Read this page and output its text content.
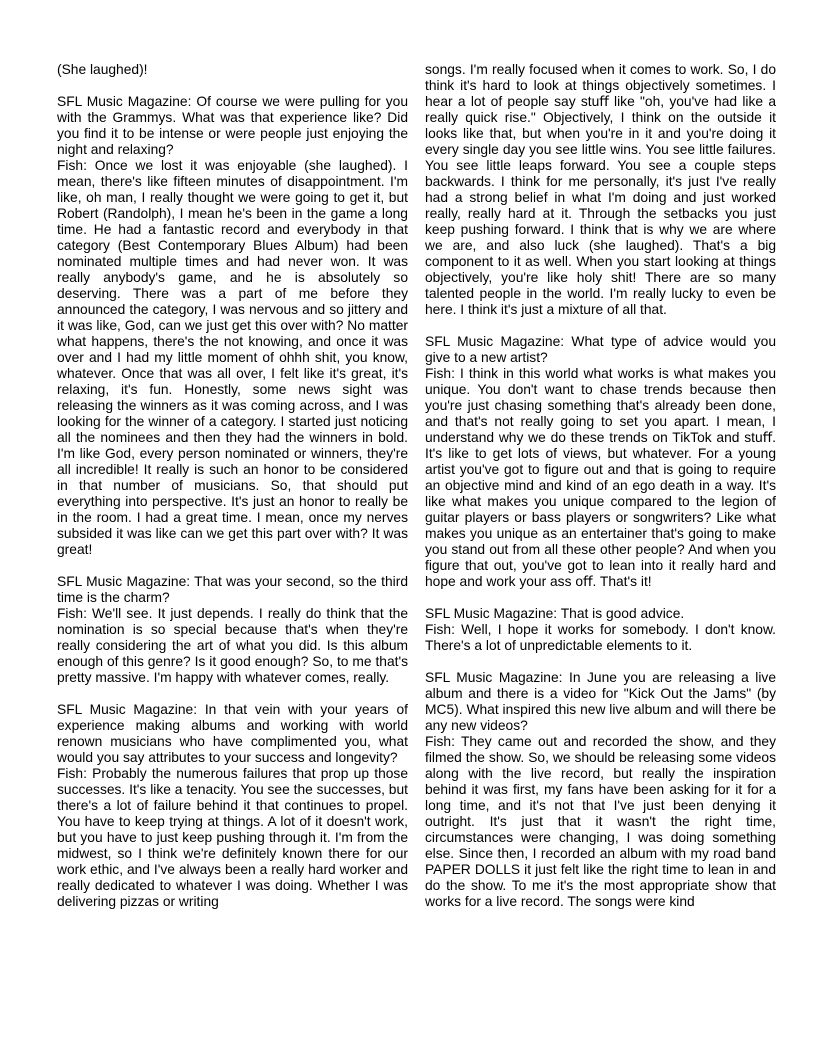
(She laughed)!

SFL Music Magazine: Of course we were pulling for you with the Grammys. What was that experience like? Did you find it to be intense or were people just enjoying the night and relaxing?

Fish: Once we lost it was enjoyable (she laughed). I mean, there's like fifteen minutes of disappointment. I'm like, oh man, I really thought we were going to get it, but Robert (Randolph), I mean he's been in the game a long time. He had a fantastic record and everybody in that category (Best Contemporary Blues Album) had been nominated multiple times and had never won. It was really anybody's game, and he is absolutely so deserving. There was a part of me before they announced the category, I was nervous and so jittery and it was like, God, can we just get this over with? No matter what happens, there's the not knowing, and once it was over and I had my little moment of ohhh shit, you know, whatever. Once that was all over, I felt like it's great, it's relaxing, it's fun. Honestly, some news sight was releasing the winners as it was coming across, and I was looking for the winner of a category. I started just noticing all the nominees and then they had the winners in bold. I'm like God, every person nominated or winners, they're all incredible! It really is such an honor to be considered in that number of musicians. So, that should put everything into perspective. It's just an honor to really be in the room. I had a great time. I mean, once my nerves subsided it was like can we get this part over with? It was great!

SFL Music Magazine: That was your second, so the third time is the charm?

Fish: We'll see. It just depends. I really do think that the nomination is so special because that's when they're really considering the art of what you did. Is this album enough of this genre? Is it good enough? So, to me that's pretty massive. I'm happy with whatever comes, really.

SFL Music Magazine: In that vein with your years of experience making albums and working with world renown musicians who have complimented you, what would you say attributes to your success and longevity?

Fish: Probably the numerous failures that prop up those successes. It's like a tenacity. You see the successes, but there's a lot of failure behind it that continues to propel. You have to keep trying at things. A lot of it doesn't work, but you have to just keep pushing through it. I'm from the midwest, so I think we're definitely known there for our work ethic, and I've always been a really hard worker and really dedicated to whatever I was doing. Whether I was delivering pizzas or writing

songs. I'm really focused when it comes to work. So, I do think it's hard to look at things objectively sometimes. I hear a lot of people say stuﬀ like "oh, you've had like a really quick rise." Objectively, I think on the outside it looks like that, but when you're in it and you're doing it every single day you see little wins. You see little failures. You see little leaps forward. You see a couple steps backwards. I think for me personally, it's just I've really had a strong belief in what I'm doing and just worked really, really hard at it. Through the setbacks you just keep pushing forward. I think that is why we are where we are, and also luck (she laughed). That's a big component to it as well. When you start looking at things objectively, you're like holy shit! There are so many talented people in the world. I'm really lucky to even be here. I think it's just a mixture of all that.

SFL Music Magazine: What type of advice would you give to a new artist?

Fish: I think in this world what works is what makes you unique. You don't want to chase trends because then you're just chasing something that's already been done, and that's not really going to set you apart. I mean, I understand why we do these trends on TikTok and stuﬀ. It's like to get lots of views, but whatever. For a young artist you've got to figure out and that is going to require an objective mind and kind of an ego death in a way. It's like what makes you unique compared to the legion of guitar players or bass players or songwriters? Like what makes you unique as an entertainer that's going to make you stand out from all these other people? And when you figure that out, you've got to lean into it really hard and hope and work your ass oﬀ. That's it!

SFL Music Magazine: That is good advice.

Fish: Well, I hope it works for somebody. I don't know. There's a lot of unpredictable elements to it.

SFL Music Magazine: In June you are releasing a live album and there is a video for "Kick Out the Jams" (by MC5). What inspired this new live album and will there be any new videos?

Fish: They came out and recorded the show, and they filmed the show. So, we should be releasing some videos along with the live record, but really the inspiration behind it was first, my fans have been asking for it for a long time, and it's not that I've just been denying it outright. It's just that it wasn't the right time, circumstances were changing, I was doing something else. Since then, I recorded an album with my road band PAPER DOLLS it just felt like the right time to lean in and do the show. To me it's the most appropriate show that works for a live record. The songs were kind
